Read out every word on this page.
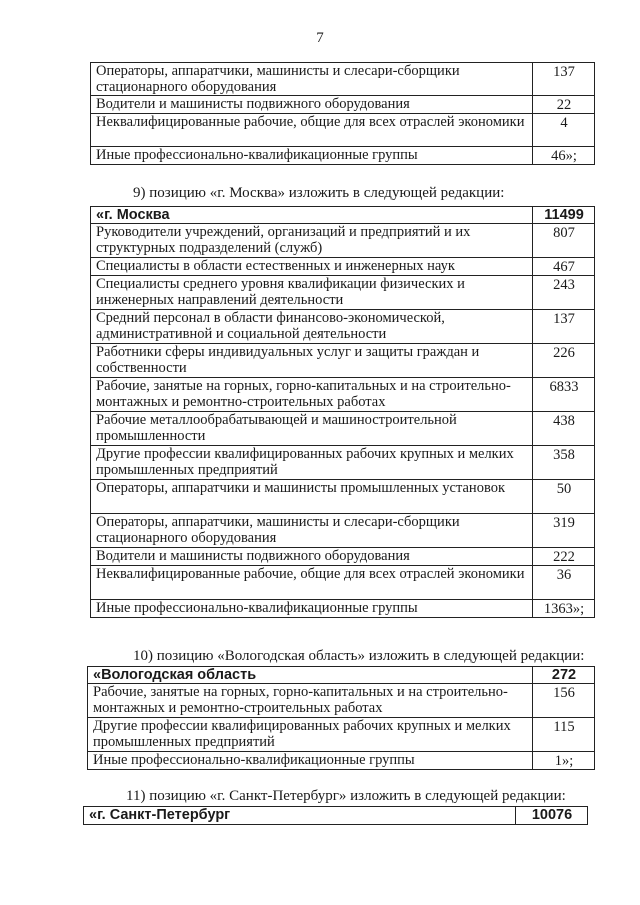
7
Операторы, аппаратчики, машинисты и слесари-сборщики стационарного оборудования	137
Водители и машинисты подвижного оборудования	22
Неквалифицированные рабочие, общие для всех отраслей экономики	4
Иные профессионально-квалификационные группы	46»;
9) позицию «г. Москва» изложить в следующей редакции:
«г. Москва	11499
Руководители учреждений, организаций и предприятий и их структурных подразделений (служб)	807
Специалисты в области естественных и инженерных наук	467
Специалисты среднего уровня квалификации физических и инженерных направлений деятельности	243
Средний персонал в области финансово-экономической, административной и социальной деятельности	137
Работники сферы индивидуальных услуг и защиты граждан и собственности	226
Рабочие, занятые на горных, горно-капитальных и на строительно-монтажных и ремонтно-строительных работах	6833
Рабочие металлообрабатывающей и машиностроительной промышленности	438
Другие профессии квалифицированных рабочих крупных и мелких промышленных предприятий	358
Операторы, аппаратчики и машинисты промышленных установок	50
Операторы, аппаратчики, машинисты и слесари-сборщики стационарного оборудования	319
Водители и машинисты подвижного оборудования	222
Неквалифицированные рабочие, общие для всех отраслей экономики	36
Иные профессионально-квалификационные группы	1363»;
10) позицию «Вологодская область» изложить в следующей редакции:
«Вологодская область	272
Рабочие, занятые на горных, горно-капитальных и на строительно-монтажных и ремонтно-строительных работах	156
Другие профессии квалифицированных рабочих крупных и мелких промышленных предприятий	115
Иные профессионально-квалификационные группы	1»;
11) позицию «г. Санкт-Петербург» изложить в следующей редакции:
«г. Санкт-Петербург	10076
